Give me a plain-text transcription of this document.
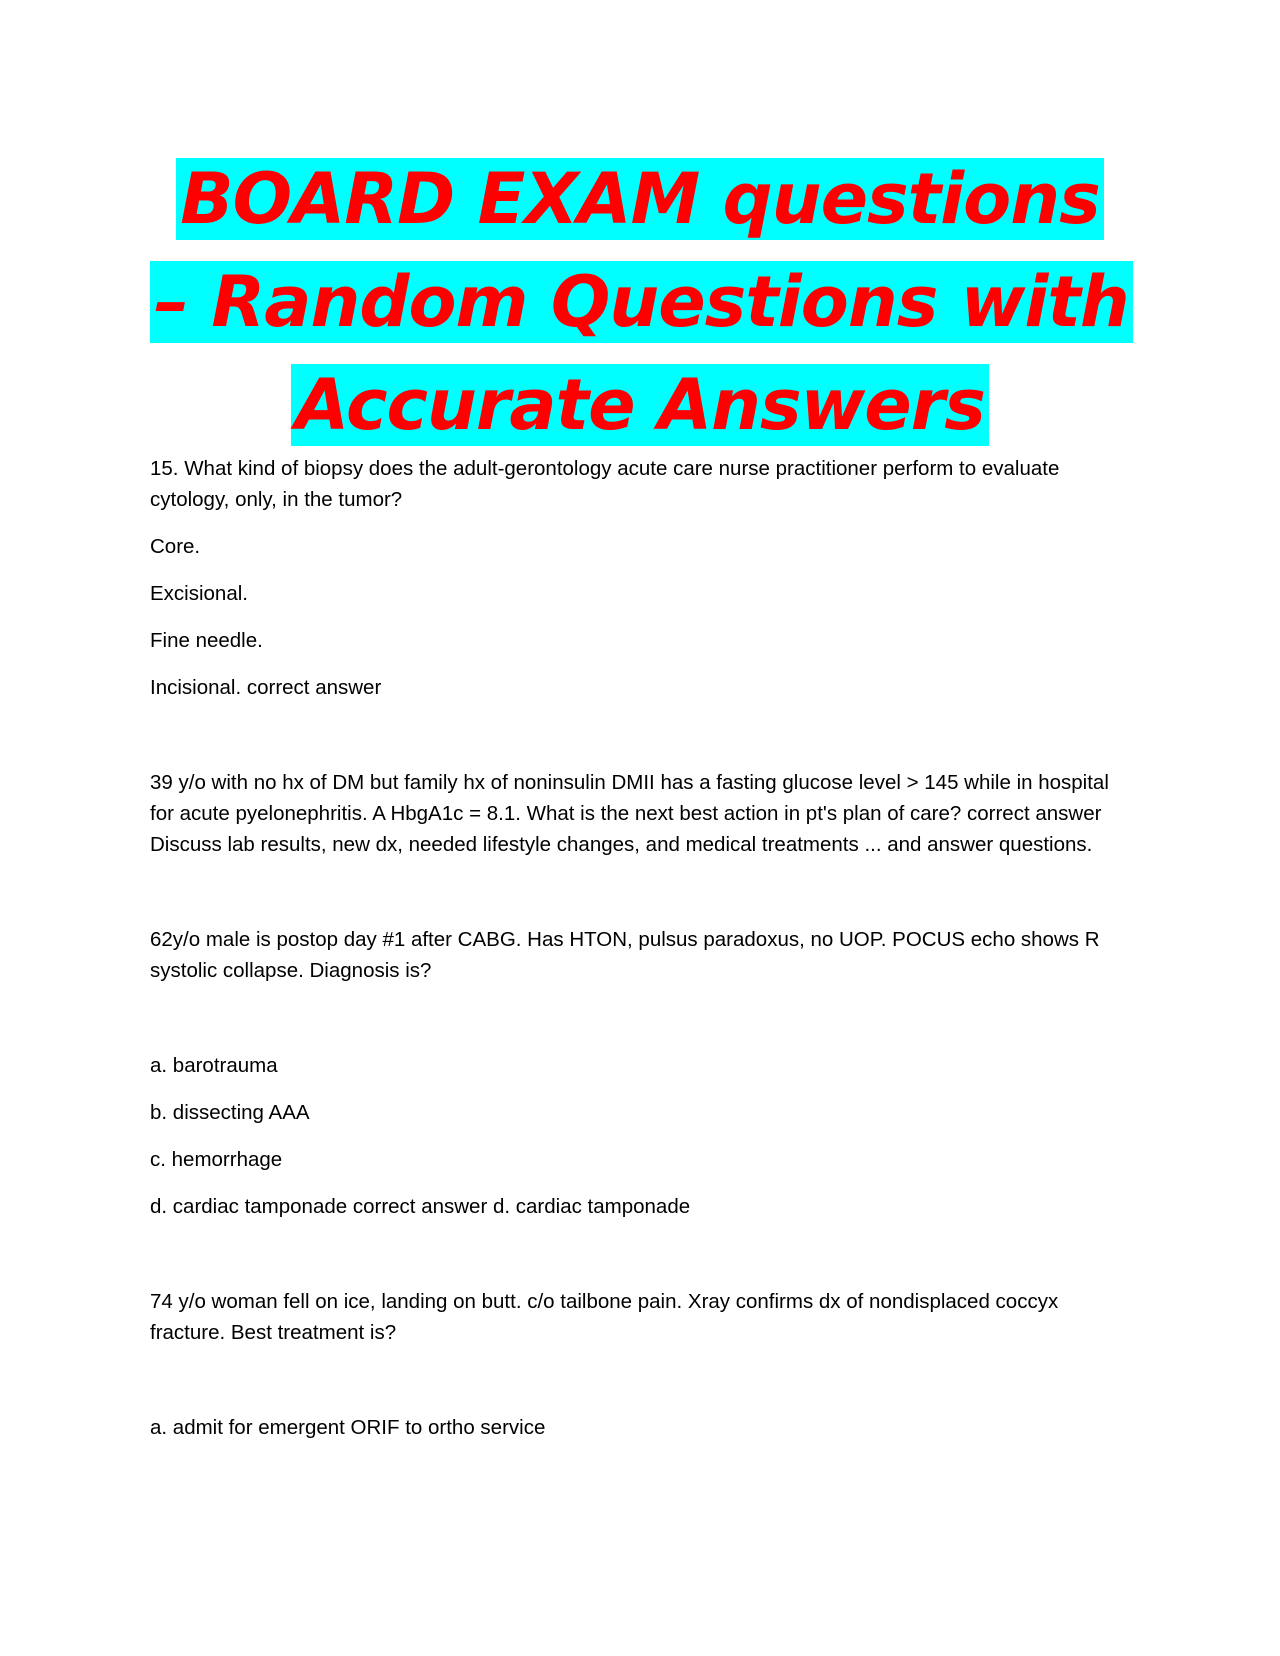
BOARD EXAM questions – Random Questions with Accurate Answers

15. What kind of biopsy does the adult-gerontology acute care nurse practitioner perform to evaluate cytology, only, in the tumor?

Core.

Excisional.

Fine needle.

Incisional. correct answer

39 y/o with no hx of DM but family hx of noninsulin DMII has a fasting glucose level > 145 while in hospital for acute pyelonephritis. A HbgA1c = 8.1. What is the next best action in pt's plan of care? correct answer Discuss lab results, new dx, needed lifestyle changes, and medical treatments ... and answer questions.

62y/o male is postop day #1 after CABG. Has HTON, pulsus paradoxus, no UOP. POCUS echo shows R systolic collapse. Diagnosis is?

a. barotrauma

b. dissecting AAA

c. hemorrhage

d. cardiac tamponade correct answer d. cardiac tamponade

74 y/o woman fell on ice, landing on butt. c/o tailbone pain. Xray confirms dx of nondisplaced coccyx fracture. Best treatment is?

a. admit for emergent ORIF to ortho service
